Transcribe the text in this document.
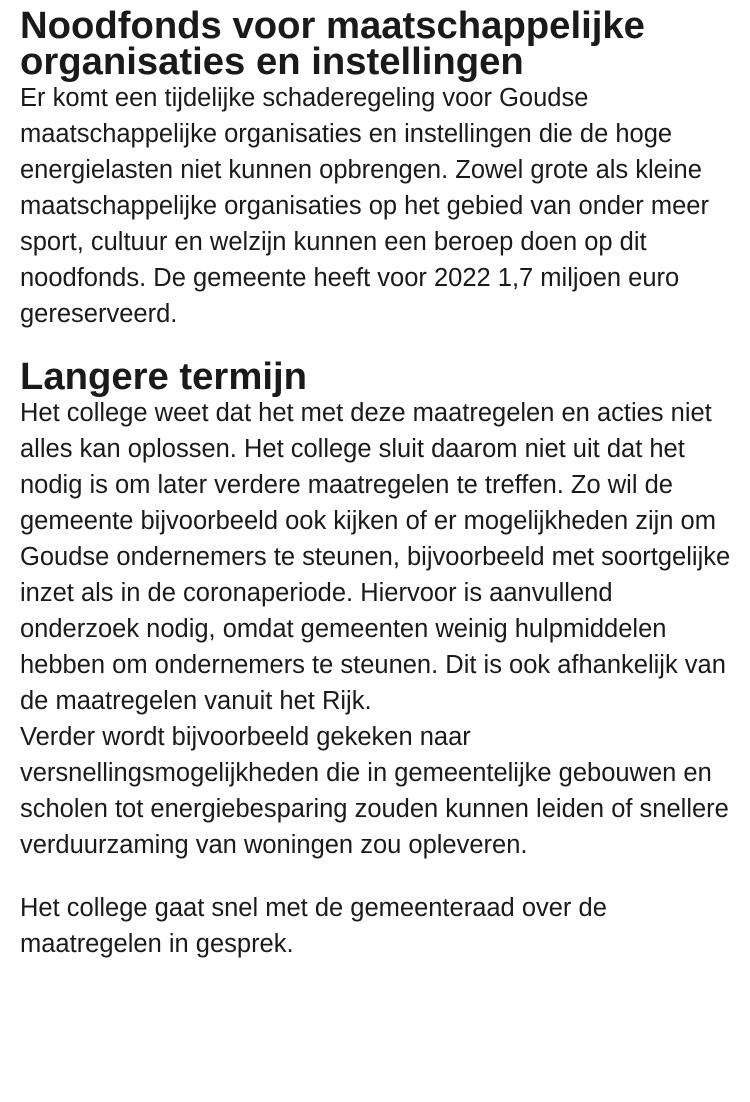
Noodfonds voor maatschappelijke organisaties en instellingen

Er komt een tijdelijke schaderegeling voor Goudse maatschappelijke organisaties en instellingen die de hoge energielasten niet kunnen opbrengen. Zowel grote als kleine maatschappelijke organisaties op het gebied van onder meer sport, cultuur en welzijn kunnen een beroep doen op dit noodfonds. De gemeente heeft voor 2022 1,7 miljoen euro gereserveerd.

Langere termijn

Het college weet dat het met deze maatregelen en acties niet alles kan oplossen. Het college sluit daarom niet uit dat het nodig is om later verdere maatregelen te treffen. Zo wil de gemeente bijvoorbeeld ook kijken of er mogelijkheden zijn om Goudse ondernemers te steunen, bijvoorbeeld met soortgelijke inzet als in de coronaperiode. Hiervoor is aanvullend onderzoek nodig, omdat gemeenten weinig hulpmiddelen hebben om ondernemers te steunen. Dit is ook afhankelijk van de maatregelen vanuit het Rijk.

Verder wordt bijvoorbeeld gekeken naar versnellingsmogelijkheden die in gemeentelijke gebouwen en scholen tot energiebesparing zouden kunnen leiden of snellere verduurzaming van woningen zou opleveren.

Het college gaat snel met de gemeenteraad over de maatregelen in gesprek.
